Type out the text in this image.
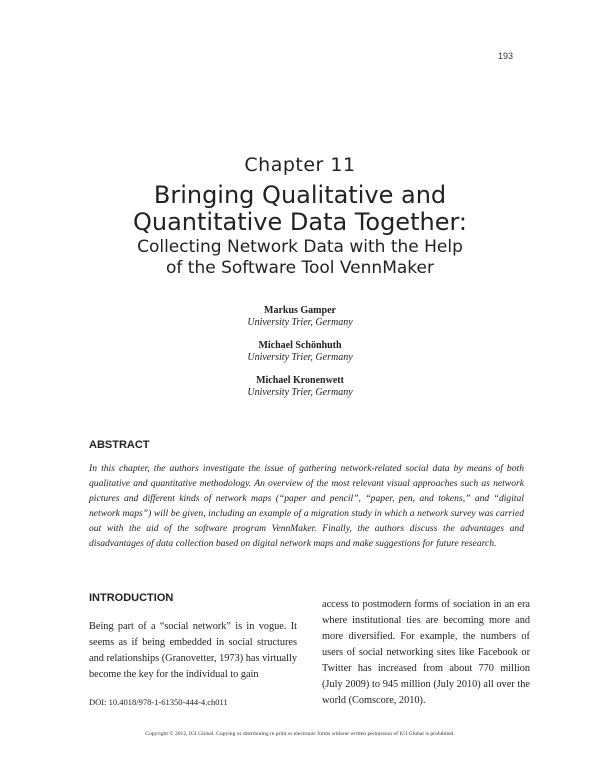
193
Chapter 11
Bringing Qualitative and
Quantitative Data Together:
Collecting Network Data with the Help
of the Software Tool VennMaker
Markus Gamper
University Trier, Germany
Michael Schönhuth
University Trier, Germany
Michael Kronenwett
University Trier, Germany
ABSTRACT
In this chapter, the authors investigate the issue of gathering network-related social data by means of both qualitative and quantitative methodology. An overview of the most relevant visual approaches such as network pictures and different kinds of network maps (“paper and pencil”, “paper, pen, and tokens,” and “digital network maps”) will be given, including an example of a migration study in which a network survey was carried out with the aid of the software program VennMaker. Finally, the authors discuss the advantages and disadvantages of data collection based on digital network maps and make suggestions for future research.
INTRODUCTION
Being part of a “social network” is in vogue. It seems as if being embedded in social structures and relationships (Granovetter, 1973) has virtually become the key for the individual to gain
access to postmodern forms of sociation in an era where institutional ties are becoming more and more diversified. For example, the numbers of users of social networking sites like Facebook or Twitter has increased from about 770 million (July 2009) to 945 million (July 2010) all over the world (Comscore, 2010).
DOI: 10.4018/978-1-61350-444-4.ch011
Copyright © 2012, IGI Global. Copying or distributing in print or electronic forms without written permission of IGI Global is prohibited.
